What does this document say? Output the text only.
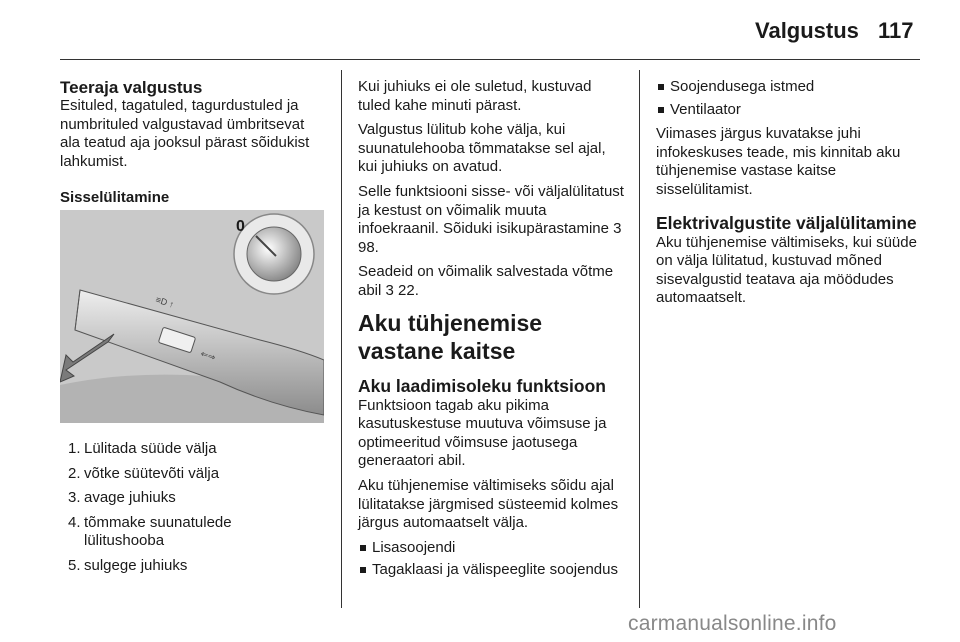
Valgustus 117
Teeraja valgustus

Esituled, tagatuled, tagurdustuled ja numbrituled valgustavad ümbritsevat ala teatud aja jooksul pärast sõidukist lahkumist.

Sisselülitamine
≡D ↑
⇐⇒
0
1. Lülitada süüde välja
2. võtke süütevõti välja
3. avage juhiuks
4. tõmmake suunatulede lülitushooba
5. sulgege juhiuks

Kui juhiuks ei ole suletud, kustuvad tuled kahe minuti pärast.

Valgustus lülitub kohe välja, kui suunatulehooba tõmmatakse sel ajal, kui juhiuks on avatud.

Selle funktsiooni sisse- või väljalülitatust ja kestust on võimalik muuta infoekraanil. Sõiduki isikupärastamine 3 98.

Seadeid on võimalik salvestada võtme abil 3 22.

Aku tühjenemise vastane kaitse
Aku laadimisoleku funktsioon

Funktsioon tagab aku pikima kasutuskestuse muutuva võimsuse ja optimeeritud võimsuse jaotusega generaatori abil.

Aku tühjenemise vältimiseks sõidu ajal lülitatakse järgmised süsteemid kolmes järgus automaatselt välja.

Lisasoojendi
Tagaklaasi ja välispeeglite soojendus
Soojendusega istmed
Ventilaator

Viimases järgus kuvatakse juhi infokeskuses teade, mis kinnitab aku tühjenemise vastase kaitse sisselülitamist.

Elektrivalgustite väljalülitamine

Aku tühjenemise vältimiseks, kui süüde on välja lülitatud, kustuvad mõned sisevalgustid teatava aja möödudes automaatselt.

carmanualsonline.info
